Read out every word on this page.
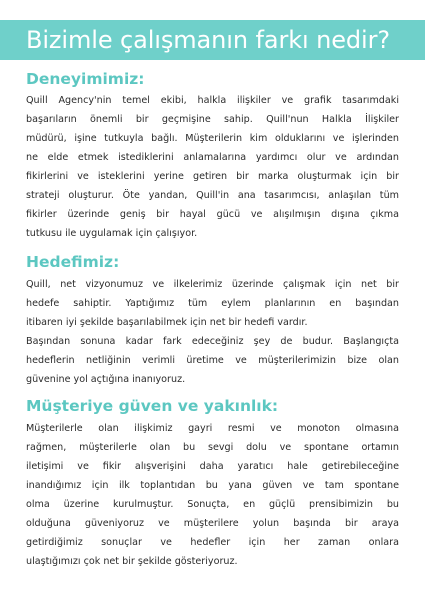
Bizimle çalışmanın farkı nedir?
Deneyimimiz:

Quill Agency'nin temel ekibi, halkla ilişkiler ve grafik tasarımdaki
başarıların önemli bir geçmişine sahip. Quill'nun Halkla İlişkiler
müdürü, işine tutkuyla bağlı. Müşterilerin kim olduklarını ve işlerinden
ne elde etmek istediklerini anlamalarına yardımcı olur ve ardından
fikirlerini ve isteklerini yerine getiren bir marka oluşturmak için bir
strateji oluşturur. Öte yandan, Quill'in ana tasarımcısı, anlaşılan tüm
fikirler üzerinde geniş bir hayal gücü ve alışılmışın dışına çıkma
tutkusu ile uygulamak için çalışıyor.

Hedefimiz:

Quill, net vizyonumuz ve ilkelerimiz üzerinde çalışmak için net bir
hedefe sahiptir. Yaptığımız tüm eylem planlarının en başından
itibaren iyi şekilde başarılabilmek için net bir hedefi vardır.
Başından sonuna kadar fark edeceğiniz şey de budur. Başlangıçta
hedeflerin netliğinin verimli üretime ve müşterilerimizin bize olan
güvenine yol açtığına inanıyoruz.

Müşteriye güven ve yakınlık:

Müşterilerle olan ilişkimiz gayri resmi ve monoton olmasına
rağmen, müşterilerle olan bu sevgi dolu ve spontane ortamın
iletişimi ve fikir alışverişini daha yaratıcı hale getirebileceğine
inandığımız için ilk toplantıdan bu yana güven ve tam spontane
olma üzerine kurulmuştur. Sonuçta, en güçlü prensibimizin bu
olduğuna güveniyoruz ve müşterilere yolun başında bir araya
getirdiğimiz sonuçlar ve hedefler için her zaman onlara
ulaştığımızı çok net bir şekilde gösteriyoruz.
